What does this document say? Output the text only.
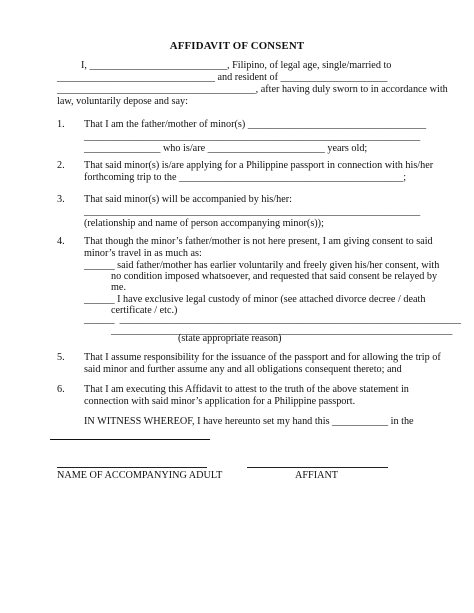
AFFIDAVIT OF CONSENT
I, ___________________________, Filipino, of legal age, single/married to
_______________________________ and resident of _____________________
_______________________________________, after having duly sworn to in accordance with
law, voluntarily depose and say:
1. That I am the father/mother of minor(s) ___________________________________
__________________________________________________________________
_______________ who is/are _______________________ years old;
2. That said minor(s) is/are applying for a Philippine passport in connection with his/her
forthcoming trip to the ____________________________________________;
3. That said minor(s) will be accompanied by his/her:
__________________________________________________________________
(relationship and name of person accompanying minor(s));
4. That though the minor’s father/mother is not here present, I am giving consent to said
minor’s travel in as much as:
______ said father/mother has earlier voluntarily and freely given his/her consent, with
no condition imposed whatsoever, and requested that said consent be relayed by
me.
______ I have exclusive legal custody of minor (see attached divorce decree / death
certificate / etc.)
______  ___________________________________________________________________
___________________________________________________________________
(state appropriate reason)
5. That I assume responsibility for the issuance of the passport and for allowing the trip of
said minor and further assume any and all obligations consequent thereto; and
6. That I am executing this Affidavit to attest to the truth of the above statement in
connection with said minor’s application for a Philippine passport.
IN WITNESS WHEREOF, I have hereunto set my hand this ___________ in the
NAME OF ACCOMPANYING ADULT	AFFIANT
